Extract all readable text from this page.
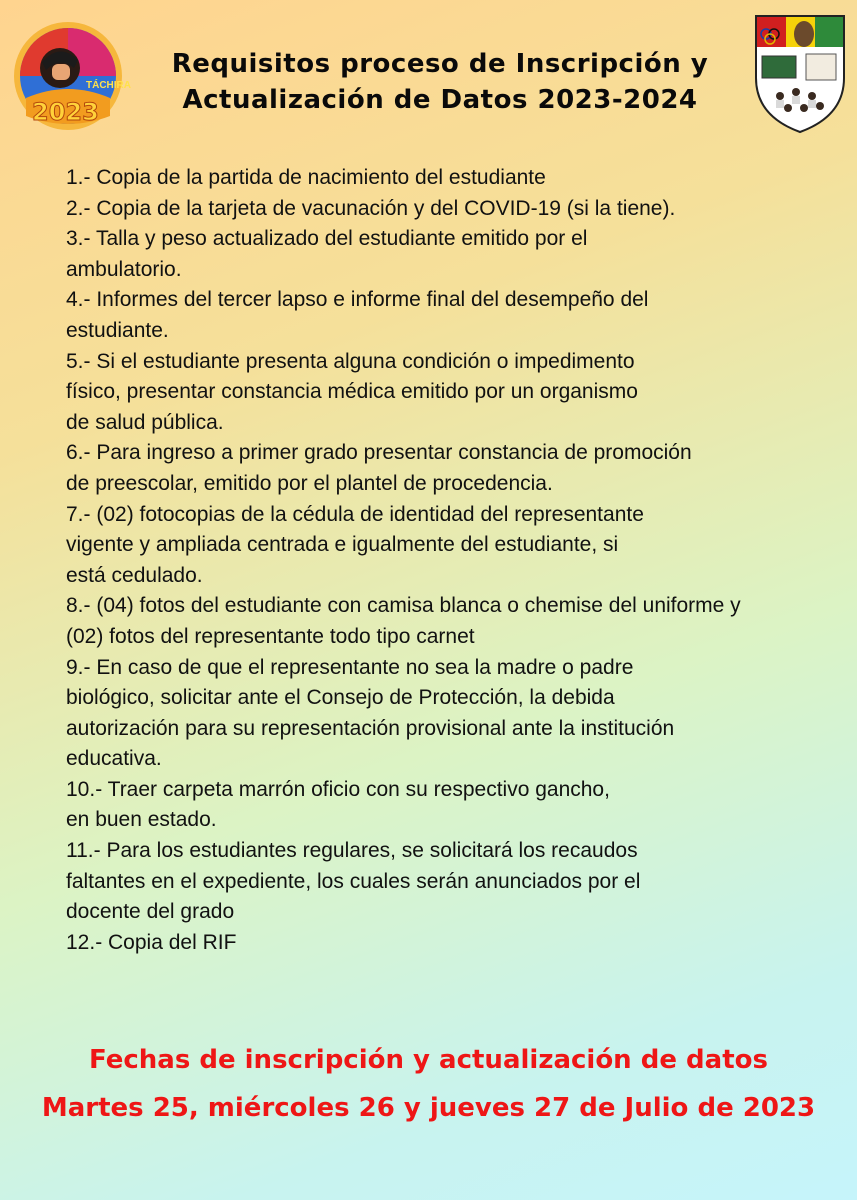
TÁCHIRA
2023
Requisitos proceso de Inscripción y
Actualización de Datos 2023-2024
1.- Copia de la partida de nacimiento del estudiante
2.- Copia de la tarjeta de vacunación y del COVID-19 (si la tiene).
3.- Talla y peso actualizado del estudiante emitido por el
ambulatorio.
4.- Informes del tercer lapso e informe final del desempeño del
estudiante.
5.- Si el estudiante presenta alguna condición o impedimento
físico, presentar constancia médica emitido por un organismo
de salud pública.
6.- Para ingreso a primer grado presentar constancia de promoción
de preescolar, emitido por el plantel de procedencia.
7.- (02) fotocopias de la cédula de identidad del representante
vigente y ampliada centrada e igualmente del estudiante, si
está cedulado.
8.- (04) fotos del estudiante con camisa blanca o chemise del uniforme y
(02) fotos del representante todo tipo carnet
9.- En caso de que el representante no sea la madre o padre
biológico, solicitar ante el Consejo de Protección, la debida
autorización para su representación provisional ante la institución
educativa.
10.- Traer carpeta marrón oficio con su respectivo gancho,
en buen estado.
11.- Para los estudiantes regulares, se solicitará los recaudos
faltantes en el expediente, los cuales serán anunciados por el
docente del grado
12.- Copia del RIF
Fechas de inscripción y actualización de datos
Martes 25, miércoles 26 y jueves 27 de Julio de 2023
